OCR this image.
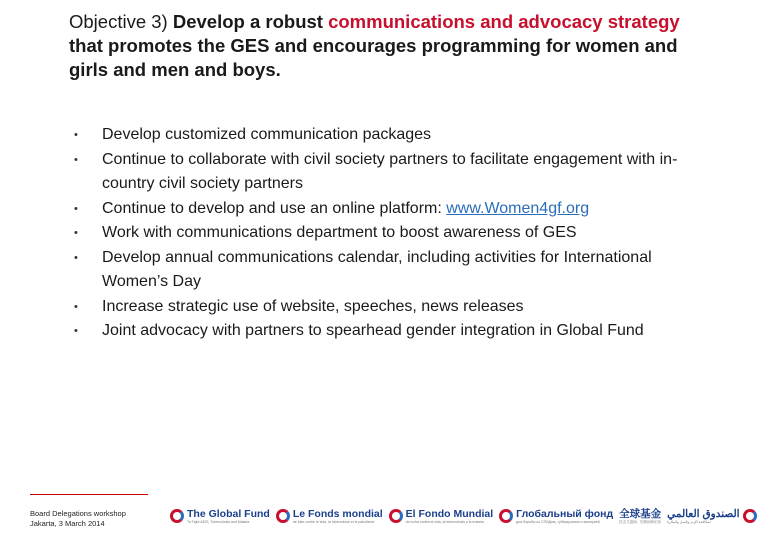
Objective 3) Develop a robust communications and advocacy strategy that promotes the GES and encourages programming for women and girls and men and boys.
• Develop customized communication packages
• Continue to collaborate with civil society partners to facilitate engagement with in-country civil society partners
• Continue to develop and use an online platform: www.Women4gf.org
• Work with communications department to boost awareness of GES
• Develop annual communications calendar, including activities for International Women’s Day
• Increase strategic use of website, speeches, news releases
• Joint advocacy with partners to spearhead gender integration in Global Fund
Board Delegations workshop
Jakarta, 3 March 2014
The Global Fund
To Fight AIDS, Tuberculosis and Malaria
Le Fonds mondial
de lutte contre le sida, la tuberculose et le paludisme
El Fondo Mundial
de lucha contra el sida, la tuberculosis y la malaria
Глобальный фонд
для борьбы со СПИДом, туберкулезом и малярией
全球基金
抗击艾滋病、结核病和疟疾
الصندوق العالمي
لمكافحة الإيدز والسل والملاريا
